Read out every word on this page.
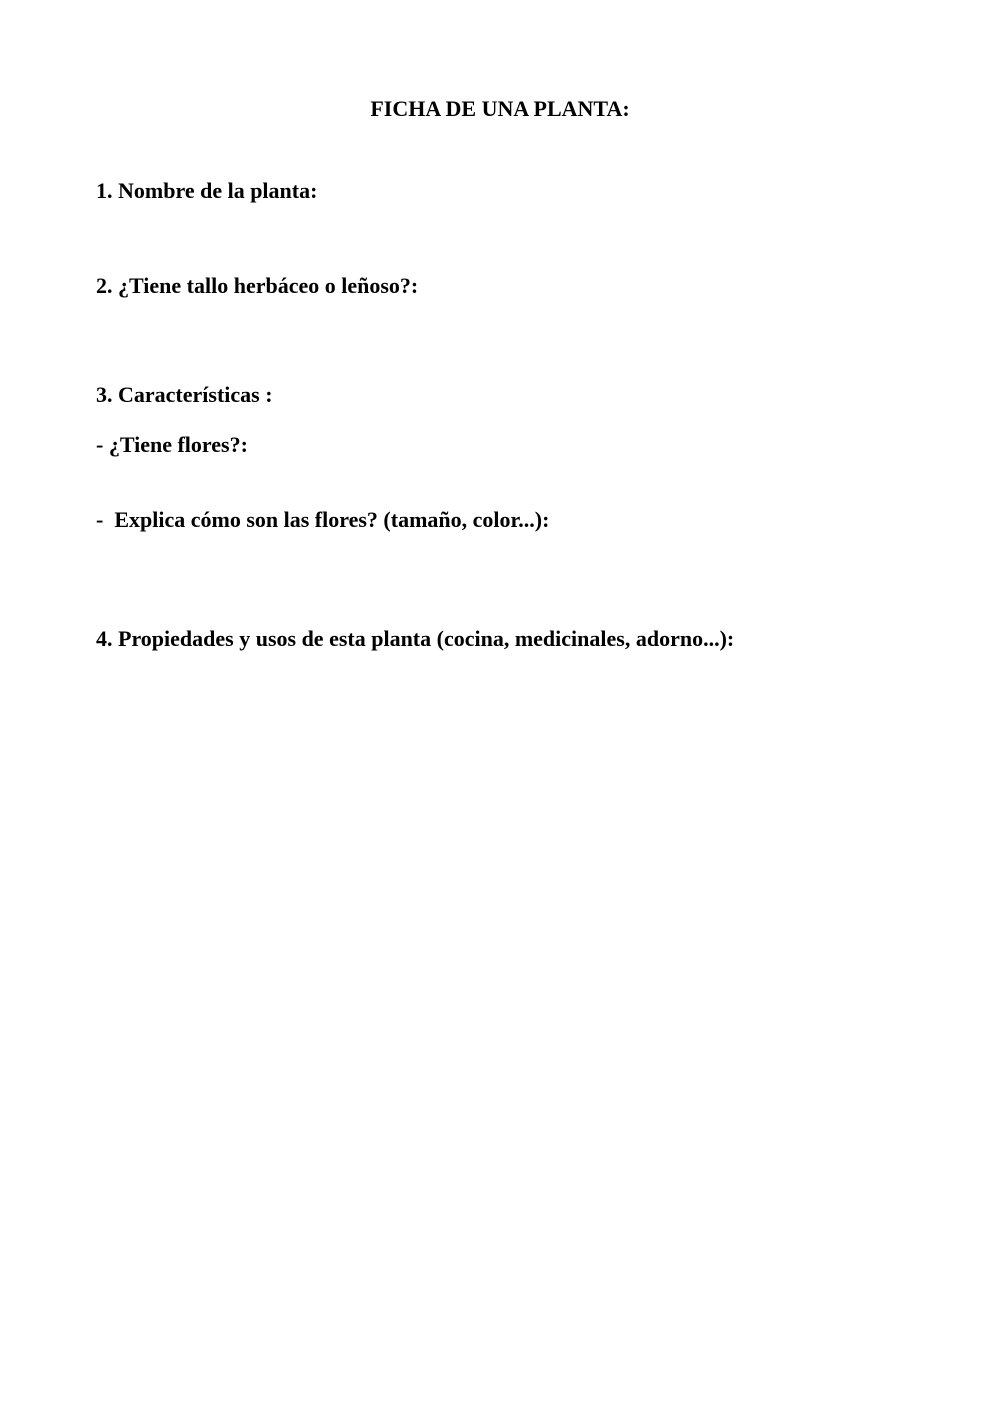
FICHA DE UNA PLANTA:
1. Nombre de la planta:
2. ¿Tiene tallo herbáceo o leñoso?:
3. Características :
- ¿Tiene flores?:
-  Explica cómo son las flores? (tamaño, color...):
4. Propiedades y usos de esta planta (cocina, medicinales, adorno...):
